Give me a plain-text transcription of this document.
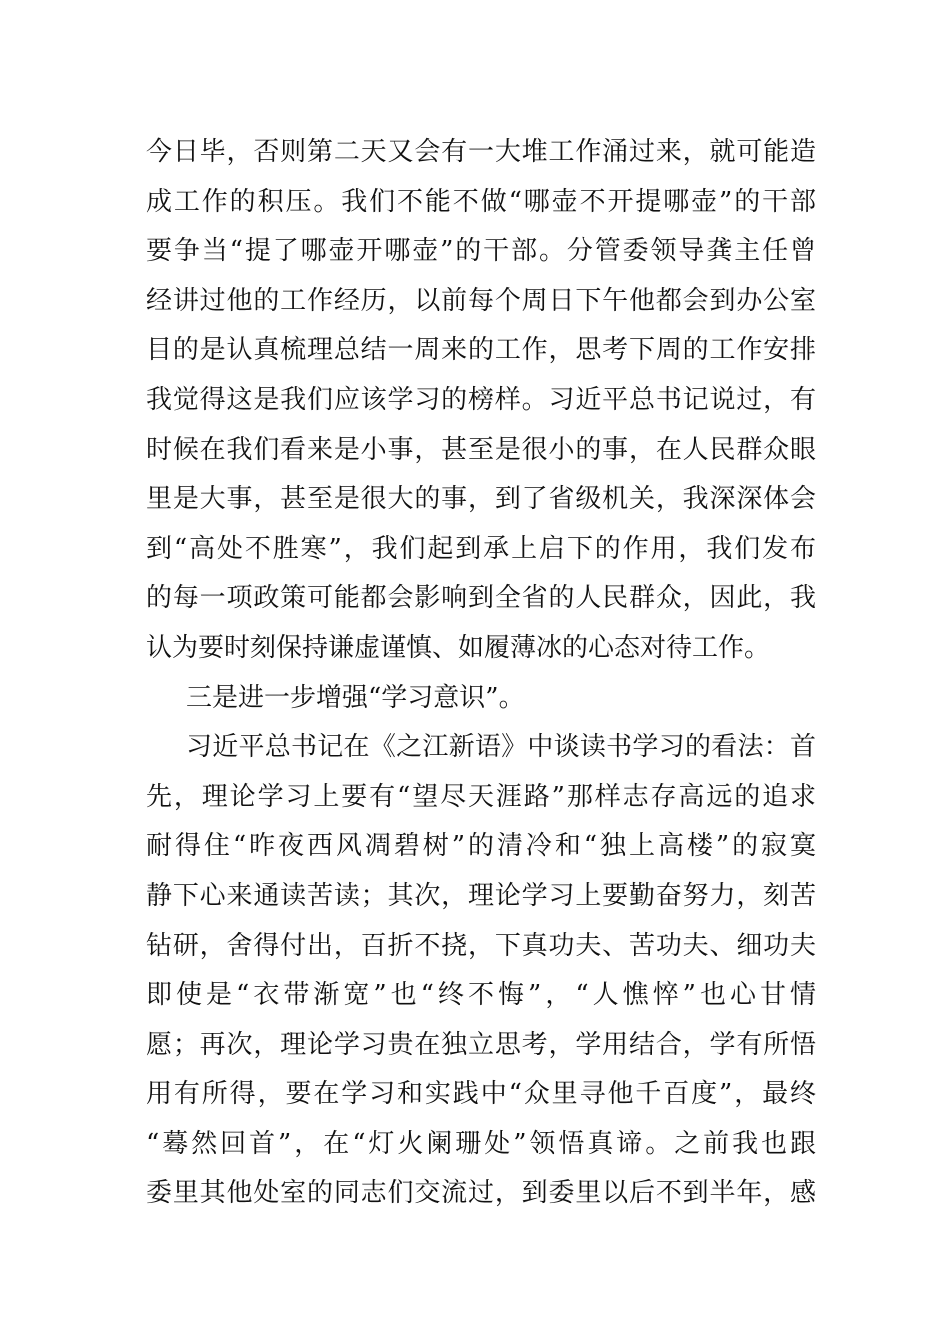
今日毕，否则第二天又会有一大堆工作涌过来，就可能造
成工作的积压。我们不能不做“哪壶不开提哪壶”的干部
要争当“提了哪壶开哪壶”的干部。分管委领导龚主任曾
经讲过他的工作经历，以前每个周日下午他都会到办公室
目的是认真梳理总结一周来的工作，思考下周的工作安排
我觉得这是我们应该学习的榜样。习近平总书记说过，有
时候在我们看来是小事，甚至是很小的事，在人民群众眼
里是大事，甚至是很大的事，到了省级机关，我深深体会
到“高处不胜寒”，我们起到承上启下的作用，我们发布
的每一项政策可能都会影响到全省的人民群众，因此，我
认为要时刻保持谦虚谨慎、如履薄冰的心态对待工作。
三是进一步增强“学习意识”。
习近平总书记在《之江新语》中谈读书学习的看法：首
先，理论学习上要有“望尽天涯路”那样志存高远的追求
耐得住“昨夜西风凋碧树”的清冷和“独上高楼”的寂寞
静下心来通读苦读；其次，理论学习上要勤奋努力，刻苦
钻研，舍得付出，百折不挠，下真功夫、苦功夫、细功夫
即使是“衣带渐宽”也“终不悔”，“人憔悴”也心甘情
愿；再次，理论学习贵在独立思考，学用结合，学有所悟
用有所得，要在学习和实践中“众里寻他千百度”，最终
“蓦然回首”，在“灯火阑珊处”领悟真谛。之前我也跟
委里其他处室的同志们交流过，到委里以后不到半年，感
